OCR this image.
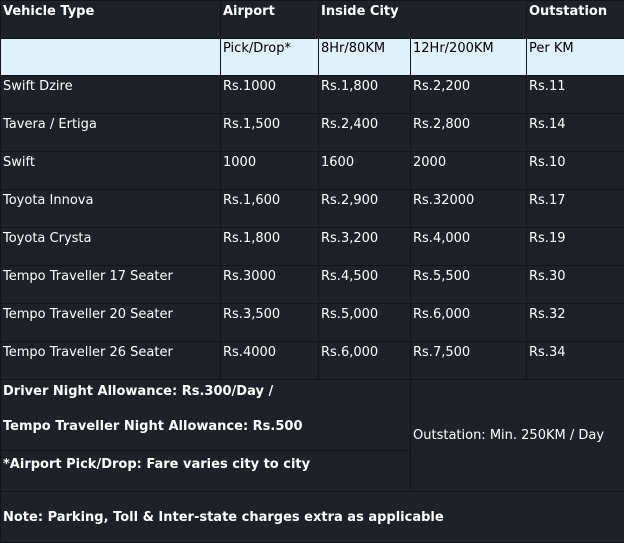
Vehicle Type	Airport	Inside City		Outstation
	Pick/Drop*	8Hr/80KM	12Hr/200KM	Per KM
Swift Dzire	Rs.1000	Rs.1,800	Rs.2,200	Rs.11
Tavera / Ertiga	Rs.1,500	Rs.2,400	Rs.2,800	Rs.14
Swift	1000	1600	2000	Rs.10
Toyota Innova	Rs.1,600	Rs.2,900	Rs.32000	Rs.17
Toyota Crysta	Rs.1,800	Rs.3,200	Rs.4,000	Rs.19
Tempo Traveller 17 Seater	Rs.3000	Rs.4,500	Rs.5,500	Rs.30
Tempo Traveller 20 Seater	Rs.3,500	Rs.5,000	Rs.6,000	Rs.32
Tempo Traveller 26 Seater	Rs.4000	Rs.6,000	Rs.7,500	Rs.34

Driver Night Allowance: Rs.300/Day /
Tempo Traveller Night Allowance: Rs.500			Outstation: Min. 250KM / Day	
*Airport Pick/Drop: Fare varies city to city				
Note: Parking, Toll & Inter-state charges extra as applicable				
